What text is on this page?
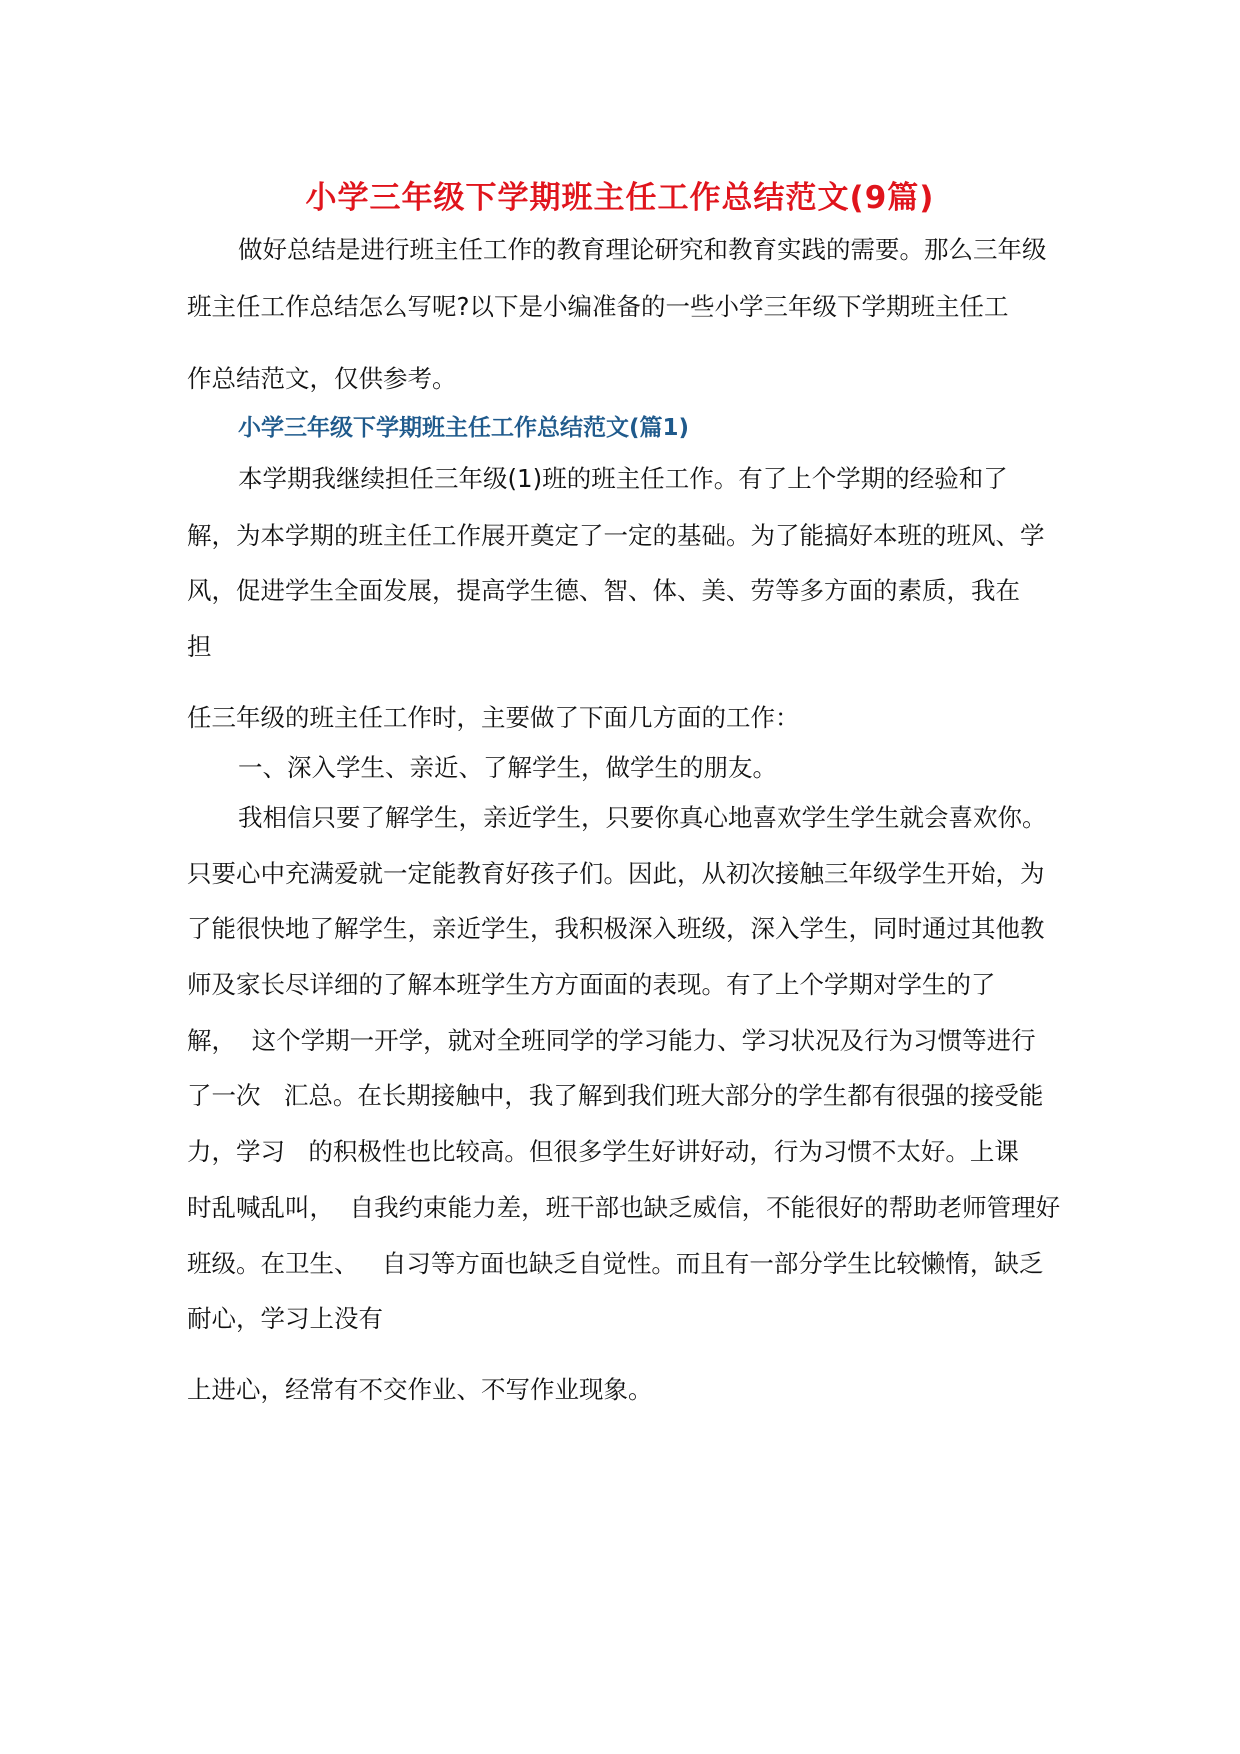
小学三年级下学期班主任工作总结范文(9篇)
做好总结是进行班主任工作的教育理论研究和教育实践的需要。那么三年级
班主任工作总结怎么写呢?以下是小编准备的一些小学三年级下学期班主任工
作总结范文，仅供参考。
小学三年级下学期班主任工作总结范文(篇1)
本学期我继续担任三年级(1)班的班主任工作。有了上个学期的经验和了
解，为本学期的班主任工作展开奠定了一定的基础。为了能搞好本班的班风、学
风，促进学生全面发展，提高学生德、智、体、美、劳等多方面的素质，我在
担
任三年级的班主任工作时，主要做了下面几方面的工作：
一、深入学生、亲近、了解学生，做学生的朋友。
我相信只要了解学生，亲近学生，只要你真心地喜欢学生学生就会喜欢你。
只要心中充满爱就一定能教育好孩子们。因此，从初次接触三年级学生开始，为
了能很快地了解学生，亲近学生，我积极深入班级，深入学生，同时通过其他教
师及家长尽详细的了解本班学生方方面面的表现。有了上个学期对学生的了
解，  这个学期一开学，就对全班同学的学习能力、学习状况及行为习惯等进行
了一次   汇总。在长期接触中，我了解到我们班大部分的学生都有很强的接受能
力，学习   的积极性也比较高。但很多学生好讲好动，行为习惯不太好。上课
时乱喊乱叫，  自我约束能力差，班干部也缺乏威信，不能很好的帮助老师管理好
班级。在卫生、   自习等方面也缺乏自觉性。而且有一部分学生比较懒惰，缺乏
耐心，学习上没有
上进心，经常有不交作业、不写作业现象。
